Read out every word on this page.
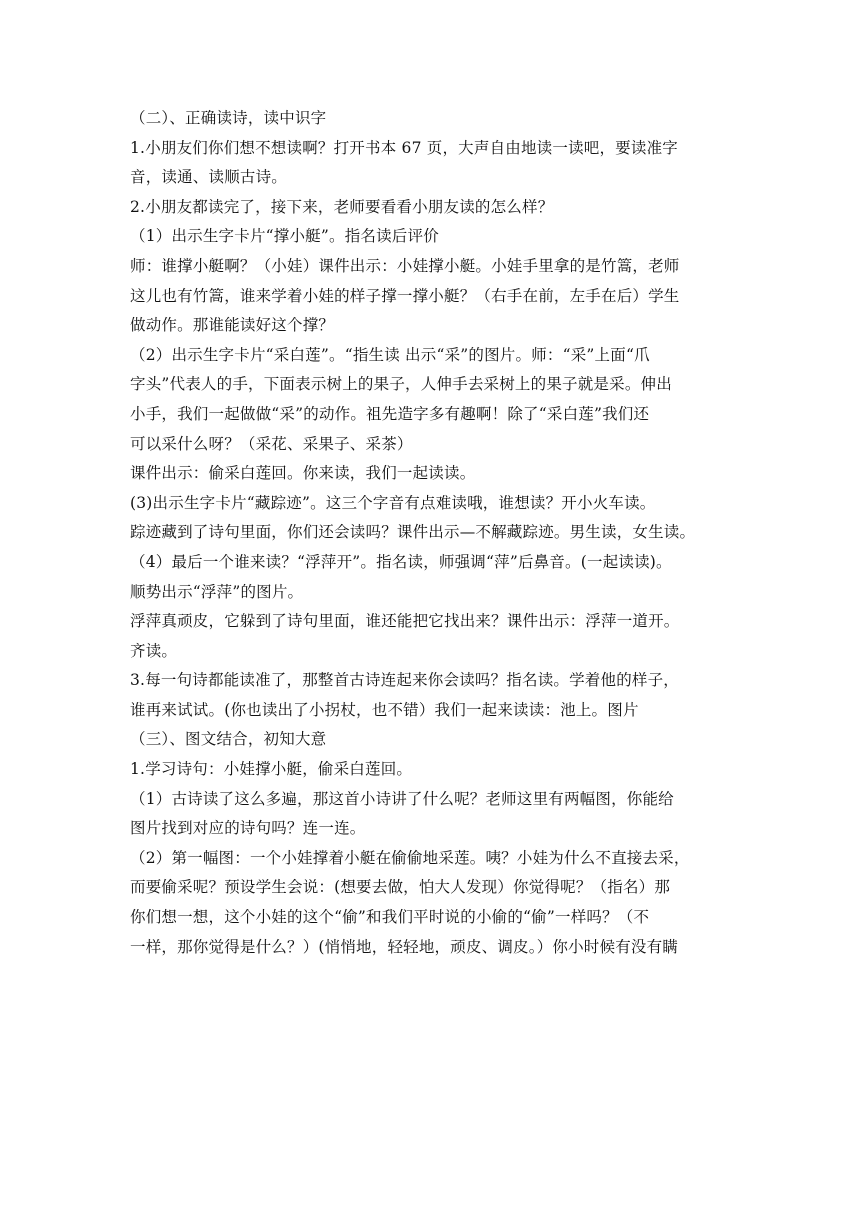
（二）、正确读诗，读中识字
1.小朋友们你们想不想读啊？打开书本 67 页，大声自由地读一读吧，要读准字
音，读通、读顺古诗。
2.小朋友都读完了，接下来，老师要看看小朋友读的怎么样？
（1）出示生字卡片“撑小艇”。指名读后评价
师：谁撑小艇啊？（小娃）课件出示：小娃撑小艇。小娃手里拿的是竹篙，老师
这儿也有竹篙，谁来学着小娃的样子撑一撑小艇？（右手在前，左手在后）学生
做动作。那谁能读好这个撑？
（2）出示生字卡片“采白莲”。“指生读 出示“采”的图片。师：“采”上面“爪
字头”代表人的手，下面表示树上的果子，人伸手去采树上的果子就是采。伸出
小手，我们一起做做“采”的动作。祖先造字多有趣啊！除了“采白莲”我们还
可以采什么呀？（采花、采果子、采茶）
课件出示：偷采白莲回。你来读，我们一起读读。
(3)出示生字卡片“藏踪迹”。这三个字音有点难读哦，谁想读？开小火车读。
踪迹藏到了诗句里面，你们还会读吗？课件出示—不解藏踪迹。男生读，女生读。
（4）最后一个谁来读？“浮萍开”。指名读，师强调“萍”后鼻音。(一起读读)。
顺势出示“浮萍”的图片。
浮萍真顽皮，它躲到了诗句里面，谁还能把它找出来？课件出示：浮萍一道开。
齐读。
3.每一句诗都能读准了，那整首古诗连起来你会读吗？指名读。学着他的样子，
谁再来试试。(你也读出了小拐杖，也不错）我们一起来读读：池上。图片
（三）、图文结合，初知大意
1.学习诗句：小娃撑小艇，偷采白莲回。
（1）古诗读了这么多遍，那这首小诗讲了什么呢？老师这里有两幅图，你能给
图片找到对应的诗句吗？连一连。
（2）第一幅图：一个小娃撑着小艇在偷偷地采莲。咦？小娃为什么不直接去采，
而要偷采呢？预设学生会说：(想要去做，怕大人发现）你觉得呢？（指名）那
你们想一想，这个小娃的这个“偷”和我们平时说的小偷的“偷”一样吗？（不
一样，那你觉得是什么？）(悄悄地，轻轻地，顽皮、调皮。）你小时候有没有瞒
